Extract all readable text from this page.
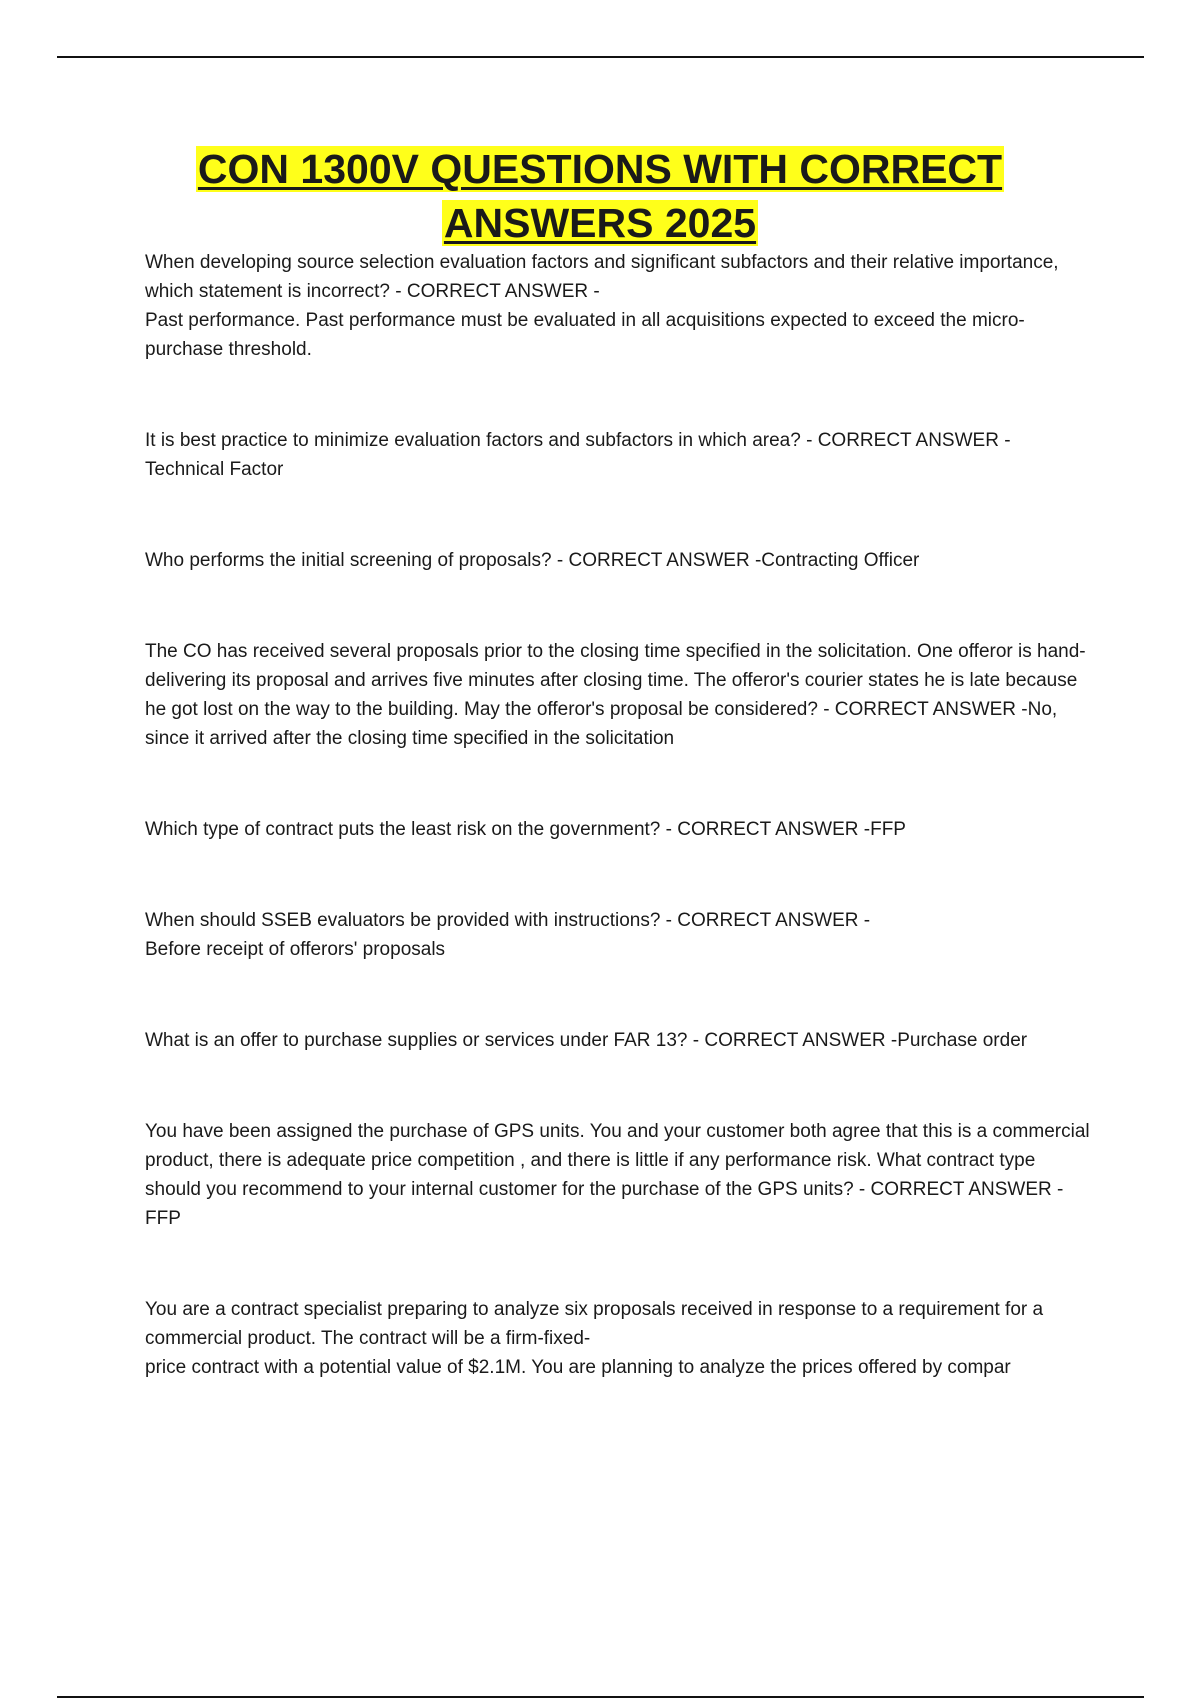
CON 1300V QUESTIONS WITH CORRECT
ANSWERS 2025

When developing source selection evaluation factors and significant subfactors and their relative importance, which statement is incorrect? - CORRECT ANSWER -

Past performance. Past performance must be evaluated in all acquisitions expected to exceed the micro-purchase threshold.

It is best practice to minimize evaluation factors and subfactors in which area? - CORRECT ANSWER -

Technical Factor

Who performs the initial screening of proposals? - CORRECT ANSWER -Contracting Officer

The CO has received several proposals prior to the closing time specified in the solicitation. One offeror is hand-

delivering its proposal and arrives five minutes after closing time. The offeror's courier states he is late because he got lost on the way to the building. May the offeror's proposal be considered? - CORRECT ANSWER -No, since it arrived after the closing time specified in the solicitation

Which type of contract puts the least risk on the government? - CORRECT ANSWER -FFP

When should SSEB evaluators be provided with instructions? - CORRECT ANSWER -

Before receipt of offerors' proposals

What is an offer to purchase supplies or services under FAR 13? - CORRECT ANSWER -Purchase order

You have been assigned the purchase of GPS units. You and your customer both agree that this is a commercial product, there is adequate price competition , and there is little if any performance risk. What contract type should you recommend to your internal customer for the purchase of the GPS units? - CORRECT ANSWER -FFP

You are a contract specialist preparing to analyze six proposals received in response to a requirement for a commercial product. The contract will be a firm-fixed-

price contract with a potential value of $2.1M. You are planning to analyze the prices offered by compar
